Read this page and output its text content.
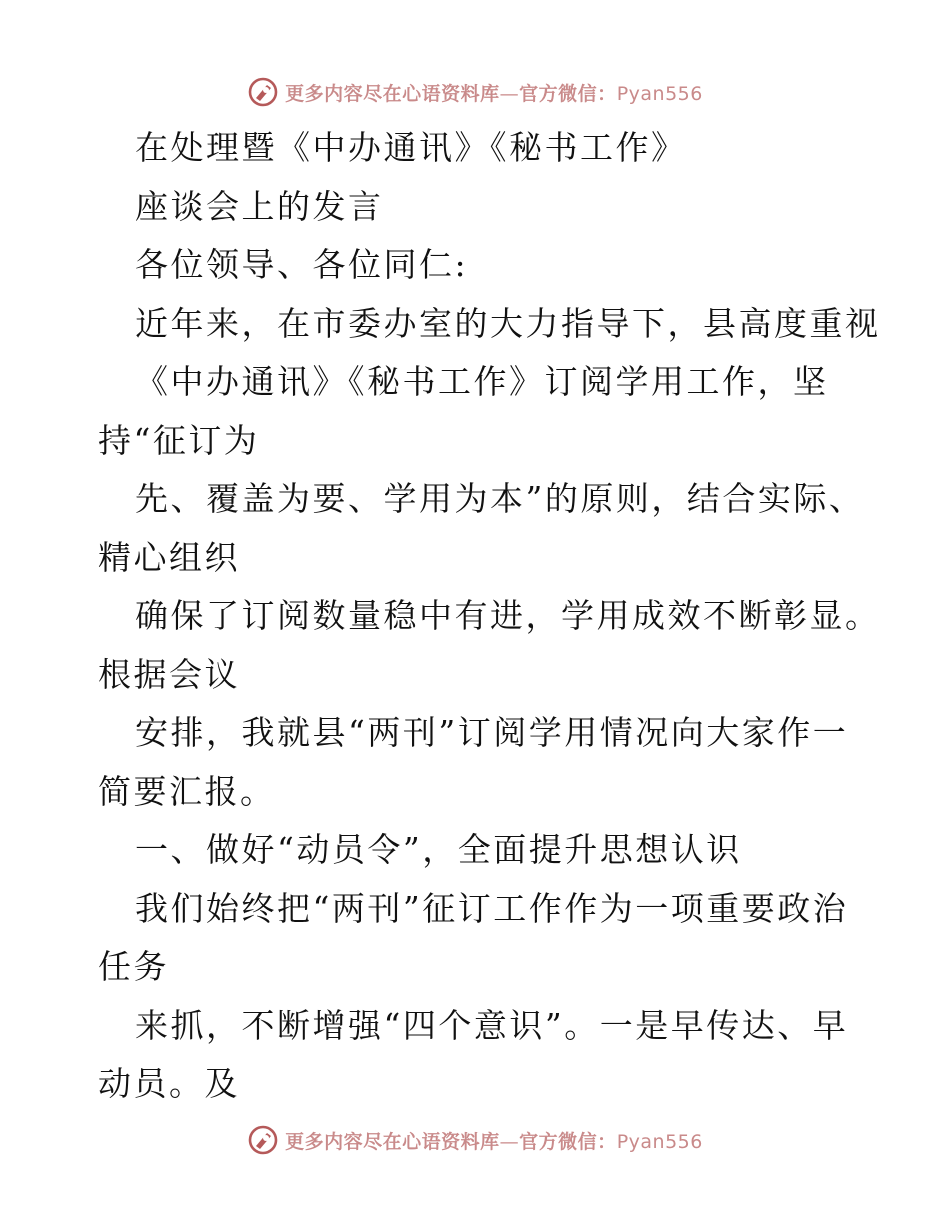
更多内容尽在心语资料库—官方微信：Pyan556
在处理暨《中办通讯》《秘书工作》
座谈会上的发言
各位领导、各位同仁:
近年来，在市委办室的大力指导下，县高度重视
《中办通讯》《秘书工作》订阅学用工作，坚
持“征订为
先、覆盖为要、学用为本”的原则，结合实际、
精心组织
确保了订阅数量稳中有进，学用成效不断彰显。
根据会议
安排，我就县“两刊”订阅学用情况向大家作一
简要汇报。
一、做好“动员令”，全面提升思想认识
我们始终把“两刊”征订工作作为一项重要政治
任务
来抓，不断增强“四个意识”。一是早传达、早
动员。及
更多内容尽在心语资料库—官方微信：Pyan556
